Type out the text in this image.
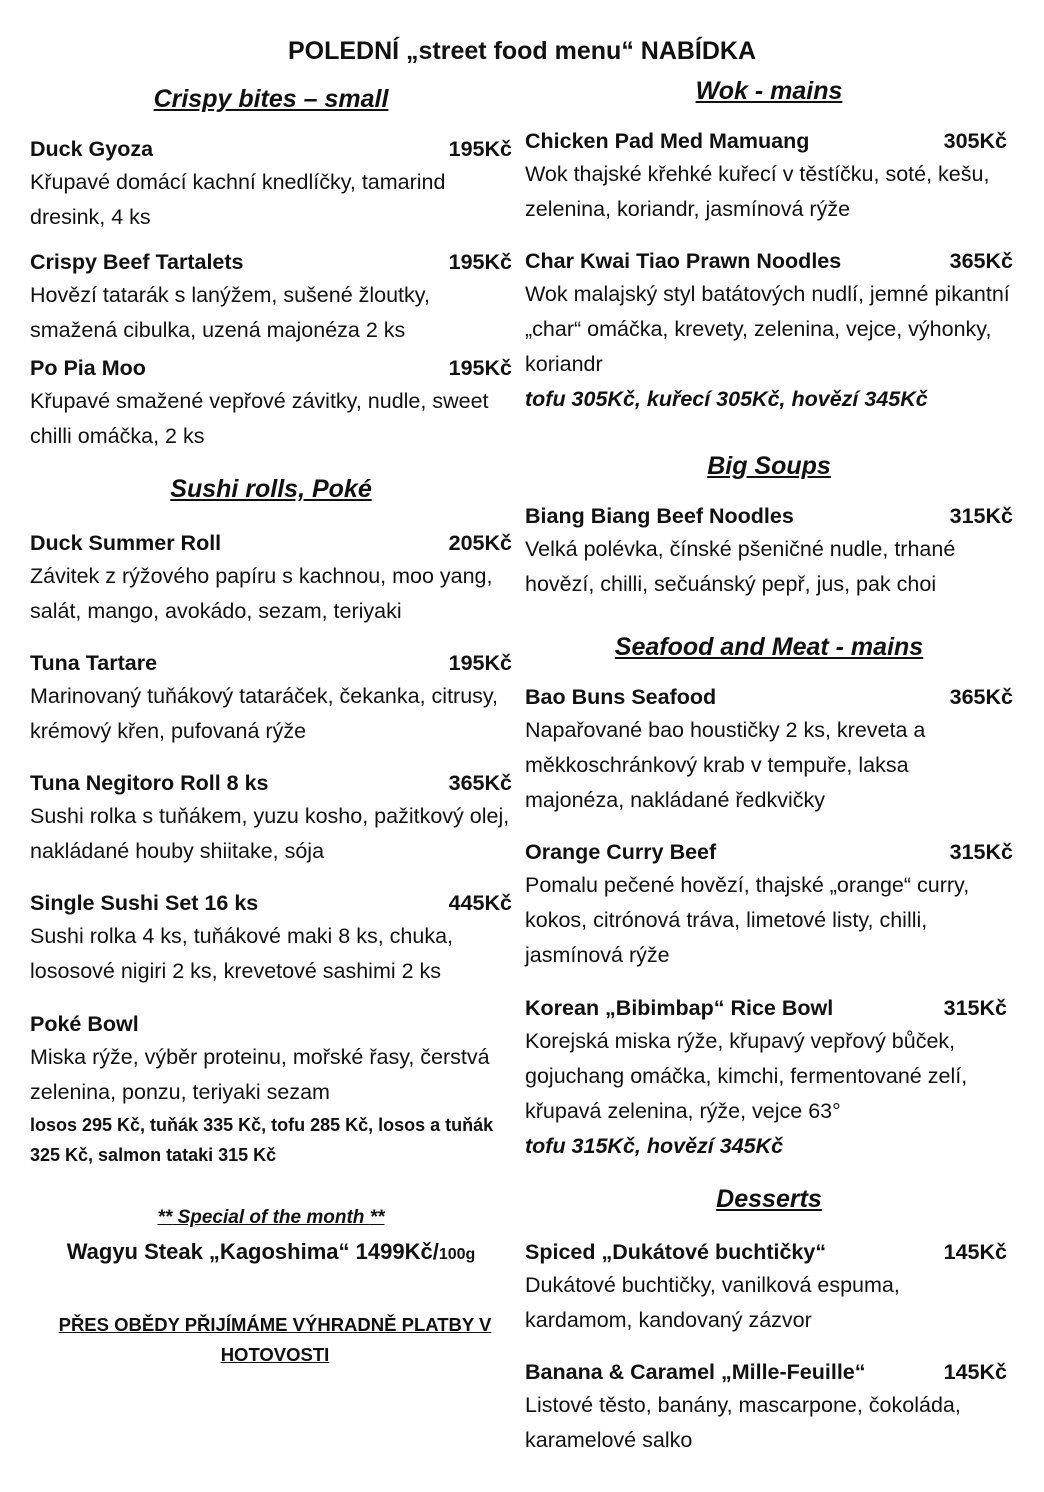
POLEDNÍ „street food menu“ NABÍDKA
Crispy bites – small
Duck Gyoza	195Kč
Křupavé domácí kachní knedlíčky, tamarind dresink, 4 ks
Crispy Beef Tartalets	195Kč
Hovězí tatarák s lanýžem, sušené žloutky, smažená cibulka, uzená majonéza 2 ks
Po Pia Moo	195Kč
Křupavé smažené vepřové závitky, nudle, sweet chilli omáčka, 2 ks
Sushi rolls, Poké
Duck Summer Roll	205Kč
Závitek z rýžového papíru s kachnou, moo yang, salát, mango, avokádo, sezam, teriyaki
Tuna Tartare	195Kč
Marinovaný tuňákový tataráček, čekanka, citrusy, krémový křen, pufovaná rýže
Tuna Negitoro Roll 8 ks	365Kč
Sushi rolka s tuňákem, yuzu kosho, pažitkový olej, nakládané houby shiitake, sója
Single Sushi Set 16 ks	445Kč
Sushi rolka 4 ks, tuňákové maki 8 ks, chuka, lososové nigiri 2 ks, krevetové sashimi 2 ks
Poké Bowl
Miska rýže, výběr proteinu, mořské řasy, čerstvá zelenina, ponzu, teriyaki sezam
losos 295 Kč, tuňák 335 Kč, tofu 285 Kč, losos a tuňák 325 Kč, salmon tataki 315 Kč
** Special of the month **
Wagyu Steak „Kagoshima“ 1499Kč/100g
PŘES OBĚDY PŘIJÍMÁME VÝHRADNĚ PLATBY V HOTOVOSTI
Wok - mains
Chicken Pad Med Mamuang	305Kč
Wok thajské křehké kuřecí v těstíčku, soté, kešu, zelenina, koriandr, jasmínová rýže
Char Kwai Tiao Prawn Noodles	365Kč
Wok malajský styl batátových nudlí, jemné pikantní „char“ omáčka, krevety, zelenina, vejce, výhonky, koriandr
tofu 305Kč, kuřecí 305Kč, hovězí 345Kč
Big Soups
Biang Biang Beef Noodles	315Kč
Velká polévka, čínské pšeničné nudle, trhané hovězí, chilli, sečuánský pepř, jus, pak choi
Seafood and Meat - mains
Bao Buns Seafood	365Kč
Napařované bao houstičky 2 ks, kreveta a měkkoschránkový krab v tempuře, laksa majonéza, nakládané ředkvičky
Orange Curry Beef	315Kč
Pomalu pečené hovězí, thajské „orange“ curry, kokos, citrónová tráva, limetové listy, chilli, jasmínová rýže
Korean „Bibimbap“ Rice Bowl	315Kč
Korejská miska rýže, křupavý vepřový bůček, gojuchang omáčka, kimchi, fermentované zelí, křupavá zelenina, rýže, vejce 63°
tofu 315Kč, hovězí 345Kč
Desserts
Spiced „Dukátové buchtičky“	145Kč
Dukátové buchtičky, vanilková espuma, kardamom, kandovaný zázvor
Banana & Caramel „Mille-Feuille“	145Kč
Listové těsto, banány, mascarpone, čokoláda, karamelové salko
